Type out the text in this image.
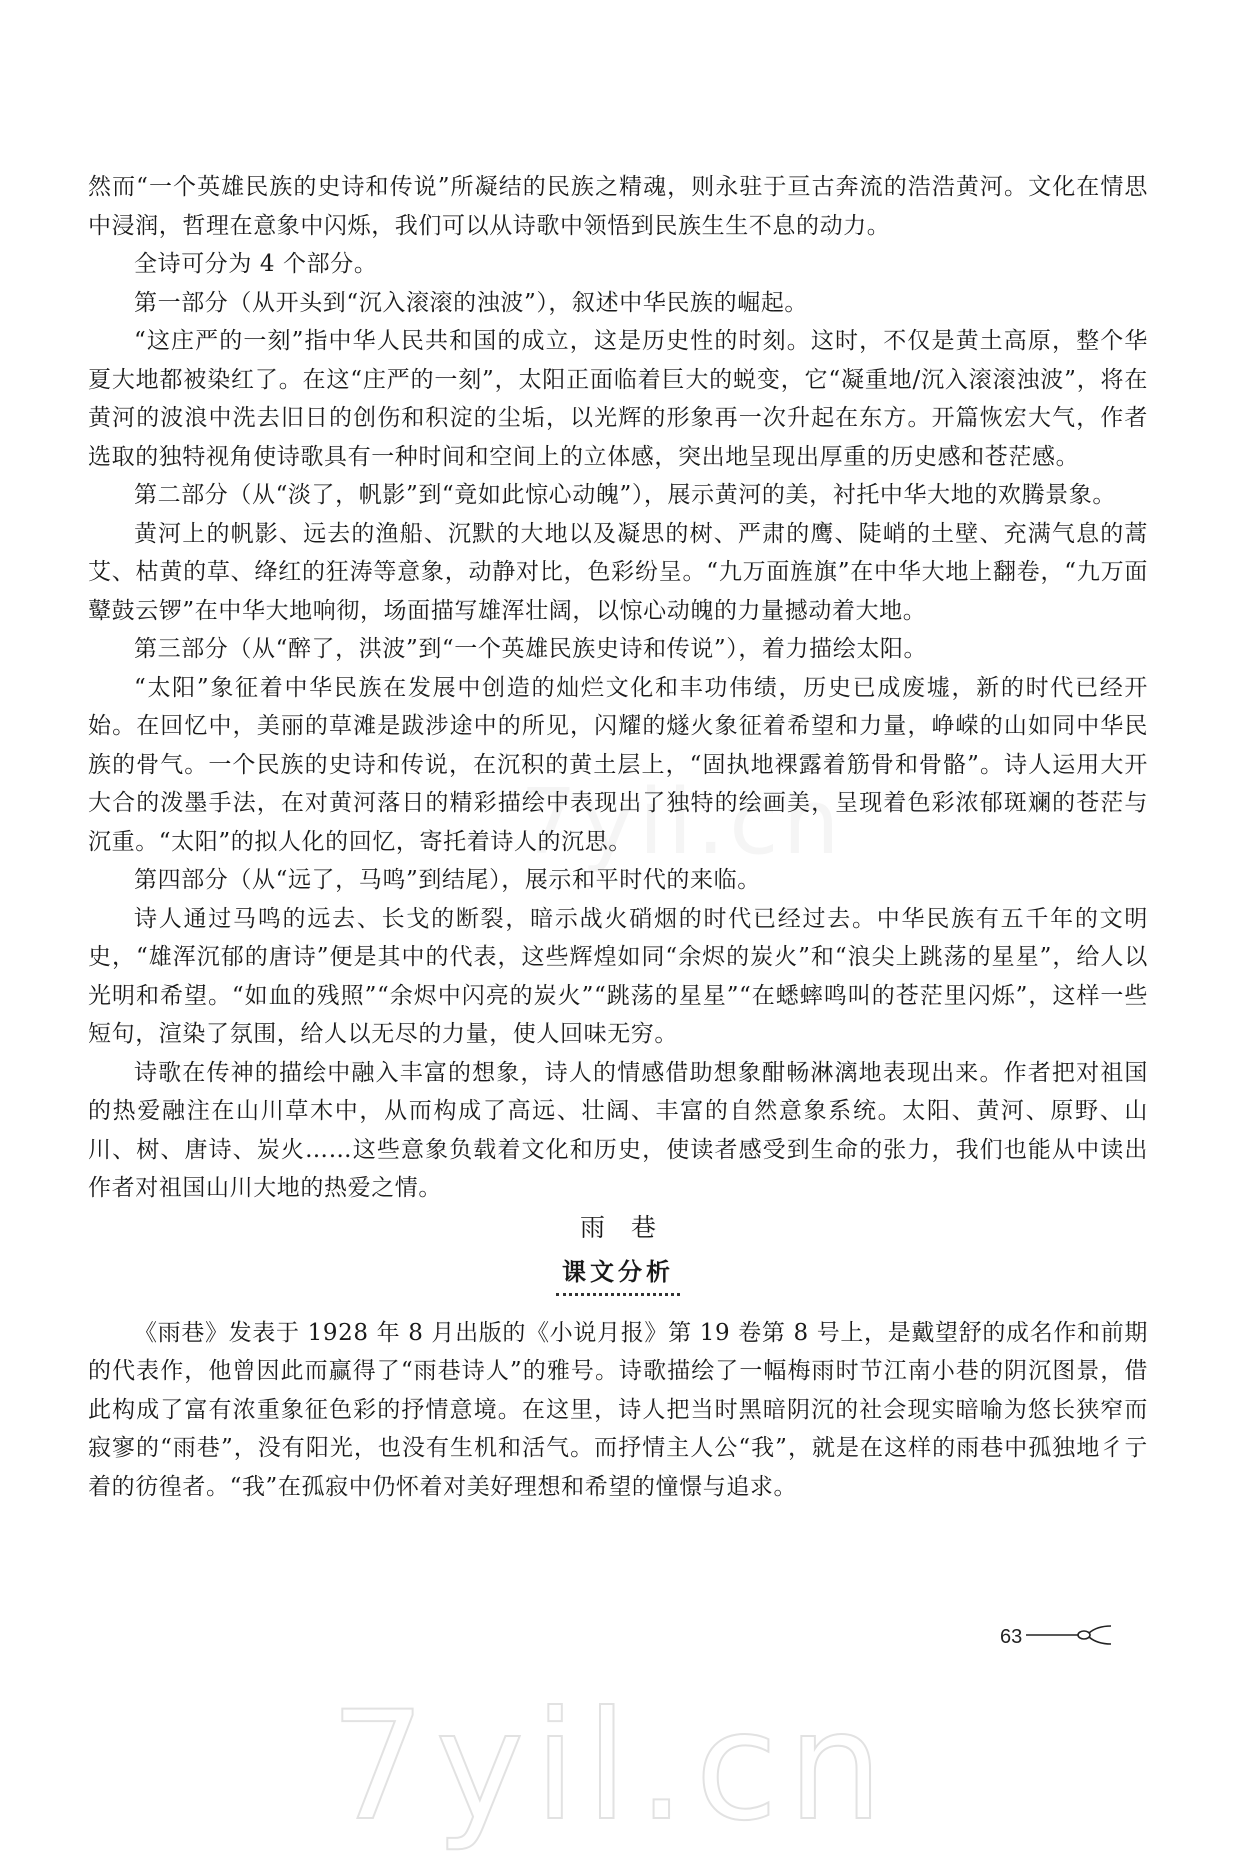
然而“一个英雄民族的史诗和传说”所凝结的民族之精魂，则永驻于亘古奔流的浩浩黄河。文化在情思中浸润，哲理在意象中闪烁，我们可以从诗歌中领悟到民族生生不息的动力。

全诗可分为 4 个部分。

第一部分（从开头到“沉入滚滚的浊波”），叙述中华民族的崛起。

“这庄严的一刻”指中华人民共和国的成立，这是历史性的时刻。这时，不仅是黄土高原，整个华夏大地都被染红了。在这“庄严的一刻”，太阳正面临着巨大的蜕变，它“凝重地/沉入滚滚浊波”，将在黄河的波浪中洗去旧日的创伤和积淀的尘垢，以光辉的形象再一次升起在东方。开篇恢宏大气，作者选取的独特视角使诗歌具有一种时间和空间上的立体感，突出地呈现出厚重的历史感和苍茫感。

第二部分（从“淡了，帆影”到“竟如此惊心动魄”），展示黄河的美，衬托中华大地的欢腾景象。

黄河上的帆影、远去的渔船、沉默的大地以及凝思的树、严肃的鹰、陡峭的土壁、充满气息的蒿艾、枯黄的草、绛红的狂涛等意象，动静对比，色彩纷呈。“九万面旌旗”在中华大地上翻卷，“九万面鼙鼓云锣”在中华大地响彻，场面描写雄浑壮阔，以惊心动魄的力量撼动着大地。

第三部分（从“醉了，洪波”到“一个英雄民族史诗和传说”），着力描绘太阳。

“太阳”象征着中华民族在发展中创造的灿烂文化和丰功伟绩，历史已成废墟，新的时代已经开始。在回忆中，美丽的草滩是跋涉途中的所见，闪耀的燧火象征着希望和力量，峥嵘的山如同中华民族的骨气。一个民族的史诗和传说，在沉积的黄土层上，“固执地裸露着筋骨和骨骼”。诗人运用大开大合的泼墨手法，在对黄河落日的精彩描绘中表现出了独特的绘画美，呈现着色彩浓郁斑斓的苍茫与沉重。“太阳”的拟人化的回忆，寄托着诗人的沉思。

第四部分（从“远了，马鸣”到结尾），展示和平时代的来临。

诗人通过马鸣的远去、长戈的断裂，暗示战火硝烟的时代已经过去。中华民族有五千年的文明史，“雄浑沉郁的唐诗”便是其中的代表，这些辉煌如同“余烬的炭火”和“浪尖上跳荡的星星”，给人以光明和希望。“如血的残照”“余烬中闪亮的炭火”“跳荡的星星”“在蟋蟀鸣叫的苍茫里闪烁”，这样一些短句，渲染了氛围，给人以无尽的力量，使人回味无穷。

诗歌在传神的描绘中融入丰富的想象，诗人的情感借助想象酣畅淋漓地表现出来。作者把对祖国的热爱融注在山川草木中，从而构成了高远、壮阔、丰富的自然意象系统。太阳、黄河、原野、山川、树、唐诗、炭火……这些意象负载着文化和历史，使读者感受到生命的张力，我们也能从中读出作者对祖国山川大地的热爱之情。

雨巷

课文分析

《雨巷》发表于 1928 年 8 月出版的《小说月报》第 19 卷第 8 号上，是戴望舒的成名作和前期的代表作，他曾因此而赢得了“雨巷诗人”的雅号。诗歌描绘了一幅梅雨时节江南小巷的阴沉图景，借此构成了富有浓重象征色彩的抒情意境。在这里，诗人把当时黑暗阴沉的社会现实暗喻为悠长狭窄而寂寥的“雨巷”，没有阳光，也没有生机和活气。而抒情主人公“我”，就是在这样的雨巷中孤独地彳亍着的彷徨者。“我”在孤寂中仍怀着对美好理想和希望的憧憬与追求。

63
7yil.cn
